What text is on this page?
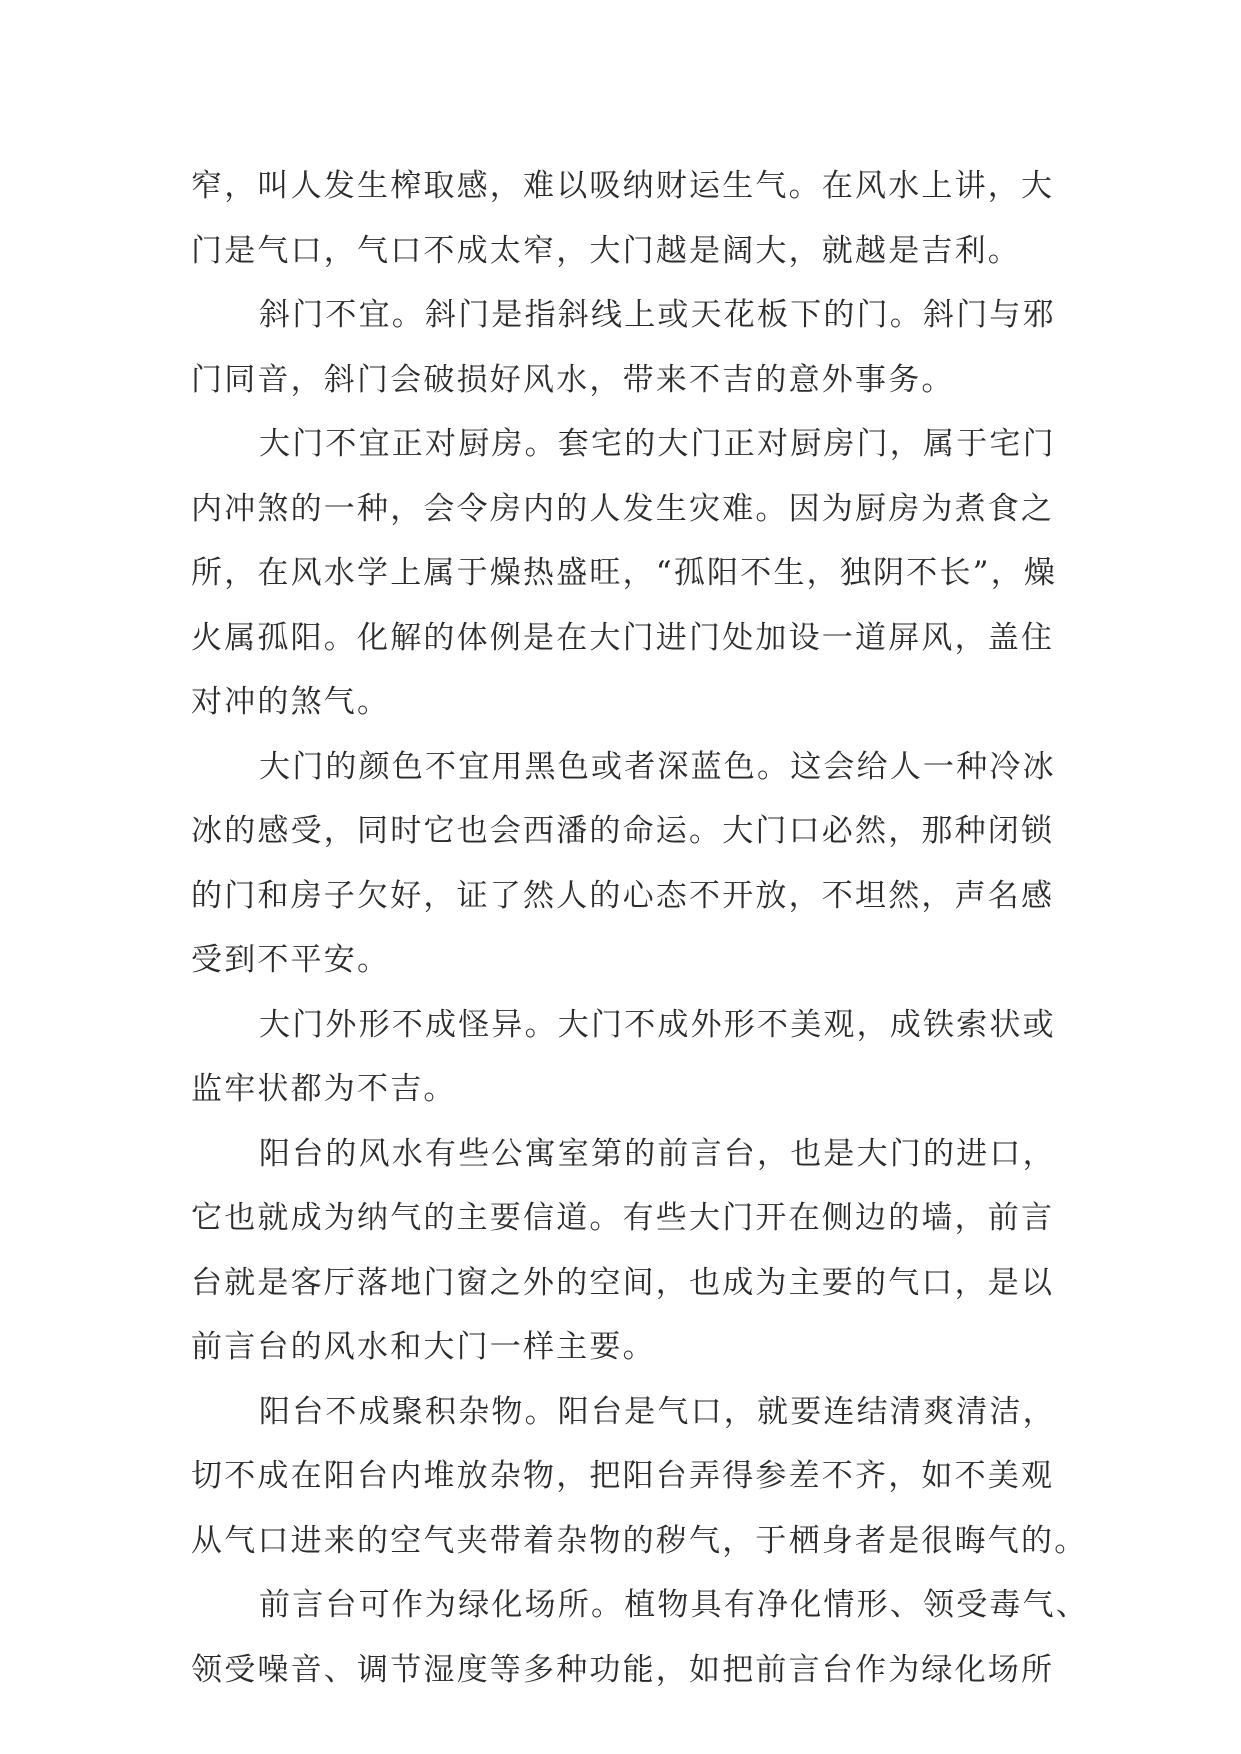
窄，叫人发生榨取感，难以吸纳财运生气。在风水上讲，大
门是气口，气口不成太窄，大门越是阔大，就越是吉利。
斜门不宜。斜门是指斜线上或天花板下的门。斜门与邪
门同音，斜门会破损好风水，带来不吉的意外事务。
大门不宜正对厨房。套宅的大门正对厨房门，属于宅门
内冲煞的一种，会令房内的人发生灾难。因为厨房为煮食之
所，在风水学上属于燥热盛旺，“孤阳不生，独阴不长”，燥
火属孤阳。化解的体例是在大门进门处加设一道屏风，盖住
对冲的煞气。
大门的颜色不宜用黑色或者深蓝色。这会给人一种冷冰
冰的感受，同时它也会西潘的命运。大门口必然，那种闭锁
的门和房子欠好，证了然人的心态不开放，不坦然，声名感
受到不平安。
大门外形不成怪异。大门不成外形不美观，成铁索状或
监牢状都为不吉。
阳台的风水有些公寓室第的前言台，也是大门的进口，
它也就成为纳气的主要信道。有些大门开在侧边的墙，前言
台就是客厅落地门窗之外的空间，也成为主要的气口，是以
前言台的风水和大门一样主要。
阳台不成聚积杂物。阳台是气口，就要连结清爽清洁，
切不成在阳台内堆放杂物，把阳台弄得参差不齐，如不美观
从气口进来的空气夹带着杂物的秽气，于栖身者是很晦气的。
前言台可作为绿化场所。植物具有净化情形、领受毒气、
领受噪音、调节湿度等多种功能，如把前言台作为绿化场所
